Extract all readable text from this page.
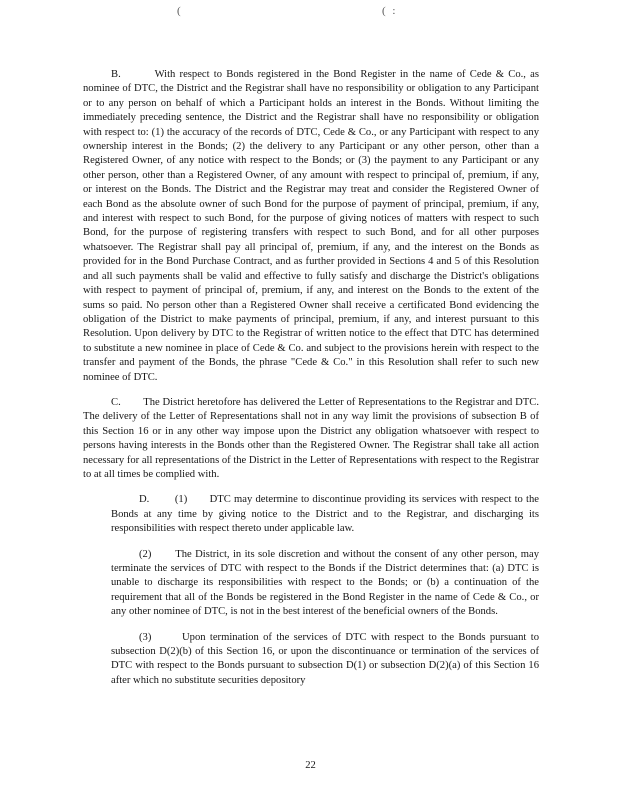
(	( :

B.        With respect to Bonds registered in the Bond Register in the name of Cede & Co., as nominee of DTC, the District and the Registrar shall have no responsibility or obligation to any Participant or to any person on behalf of which a Participant holds an interest in the Bonds. Without limiting the immediately preceding sentence, the District and the Registrar shall have no responsibility or obligation with respect to: (1) the accuracy of the records of DTC, Cede & Co., or any Participant with respect to any ownership interest in the Bonds; (2) the delivery to any Participant or any other person, other than a Registered Owner, of any notice with respect to the Bonds; or (3) the payment to any Participant or any other person, other than a Registered Owner, of any amount with respect to principal of, premium, if any, or interest on the Bonds. The District and the Registrar may treat and consider the Registered Owner of each Bond as the absolute owner of such Bond for the purpose of payment of principal, premium, if any, and interest with respect to such Bond, for the purpose of giving notices of matters with respect to such Bond, for the purpose of registering transfers with respect to such Bond, and for all other purposes whatsoever. The Registrar shall pay all principal of, premium, if any, and the interest on the Bonds as provided for in the Bond Purchase Contract, and as further provided in Sections 4 and 5 of this Resolution and all such payments shall be valid and effective to fully satisfy and discharge the District's obligations with respect to payment of principal of, premium, if any, and interest on the Bonds to the extent of the sums so paid. No person other than a Registered Owner shall receive a certificated Bond evidencing the obligation of the District to make payments of principal, premium, if any, and interest pursuant to this Resolution. Upon delivery by DTC to the Registrar of written notice to the effect that DTC has determined to substitute a new nominee in place of Cede & Co. and subject to the provisions herein with respect to the transfer and payment of the Bonds, the phrase "Cede & Co." in this Resolution shall refer to such new nominee of DTC.

C.        The District heretofore has delivered the Letter of Representations to the Registrar and DTC. The delivery of the Letter of Representations shall not in any way limit the provisions of subsection B of this Section 16 or in any other way impose upon the District any obligation whatsoever with respect to persons having interests in the Bonds other than the Registered Owner. The Registrar shall take all action necessary for all representations of the District in the Letter of Representations with respect to the Registrar to at all times be complied with.

D.        (1)       DTC may determine to discontinue providing its services with respect to the Bonds at any time by giving notice to the District and to the Registrar, and discharging its responsibilities with respect thereto under applicable law.

(2)       The District, in its sole discretion and without the consent of any other person, may terminate the services of DTC with respect to the Bonds if the District determines that: (a) DTC is unable to discharge its responsibilities with respect to the Bonds; or (b) a continuation of the requirement that all of the Bonds be registered in the Bond Register in the name of Cede & Co., or any other nominee of DTC, is not in the best interest of the beneficial owners of the Bonds.

(3)       Upon termination of the services of DTC with respect to the Bonds pursuant to subsection D(2)(b) of this Section 16, or upon the discontinuance or termination of the services of DTC with respect to the Bonds pursuant to subsection D(1) or subsection D(2)(a) of this Section 16 after which no substitute securities depository

22
